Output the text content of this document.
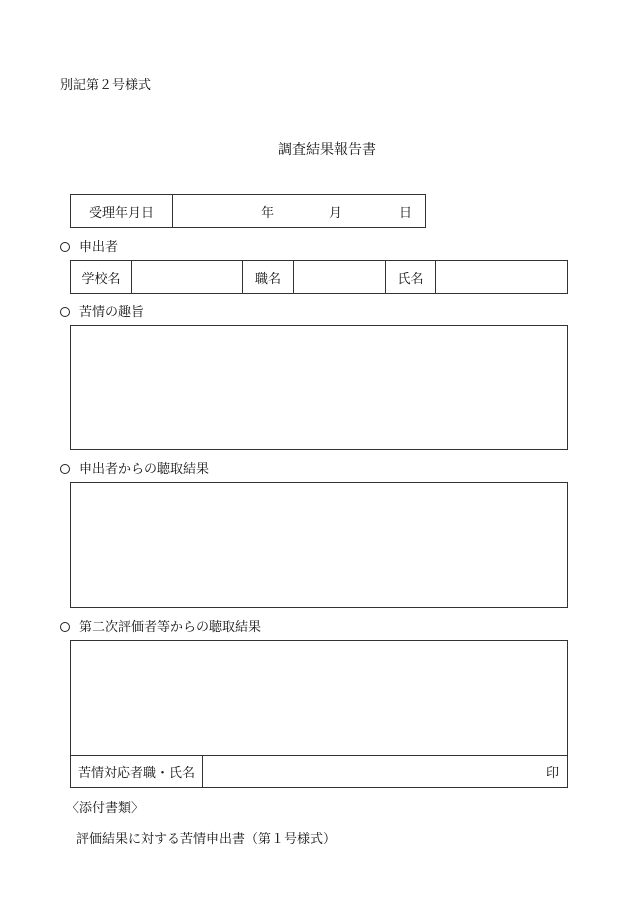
別記第２号様式
調査結果報告書
受理年月日	年	月	日
申出者
学校名	職名	氏名
苦情の趣旨
申出者からの聴取結果
第二次評価者等からの聴取結果
苦情対応者職・氏名	印
〈添付書類〉
評価結果に対する苦情申出書（第１号様式）
